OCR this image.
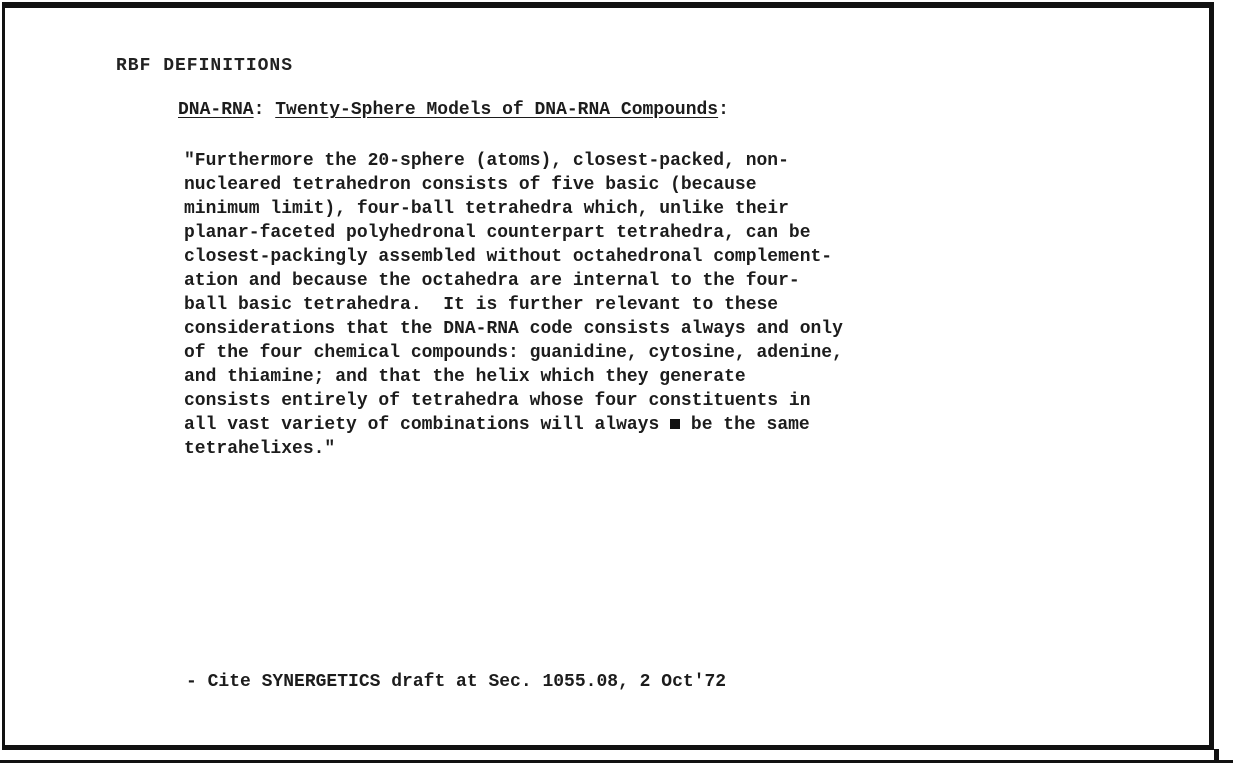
RBF DEFINITIONS
DNA-RNA: Twenty-Sphere Models of DNA-RNA Compounds:
"Furthermore the 20-sphere (atoms), closest-packed, non-
nucleared tetrahedron consists of five basic (because
minimum limit), four-ball tetrahedra which, unlike their
planar-faceted polyhedronal counterpart tetrahedra, can be
closest-packingly assembled without octahedronal complement-
ation and because the octahedra are internal to the four-
ball basic tetrahedra.  It is further relevant to these
considerations that the DNA-RNA code consists always and only
of the four chemical compounds: guanidine, cytosine, adenine,
and thiamine; and that the helix which they generate
consists entirely of tetrahedra whose four constituents in
all vast variety of combinations will always be the same
tetrahelixes."
- Cite SYNERGETICS draft at Sec. 1055.08, 2 Oct'72
